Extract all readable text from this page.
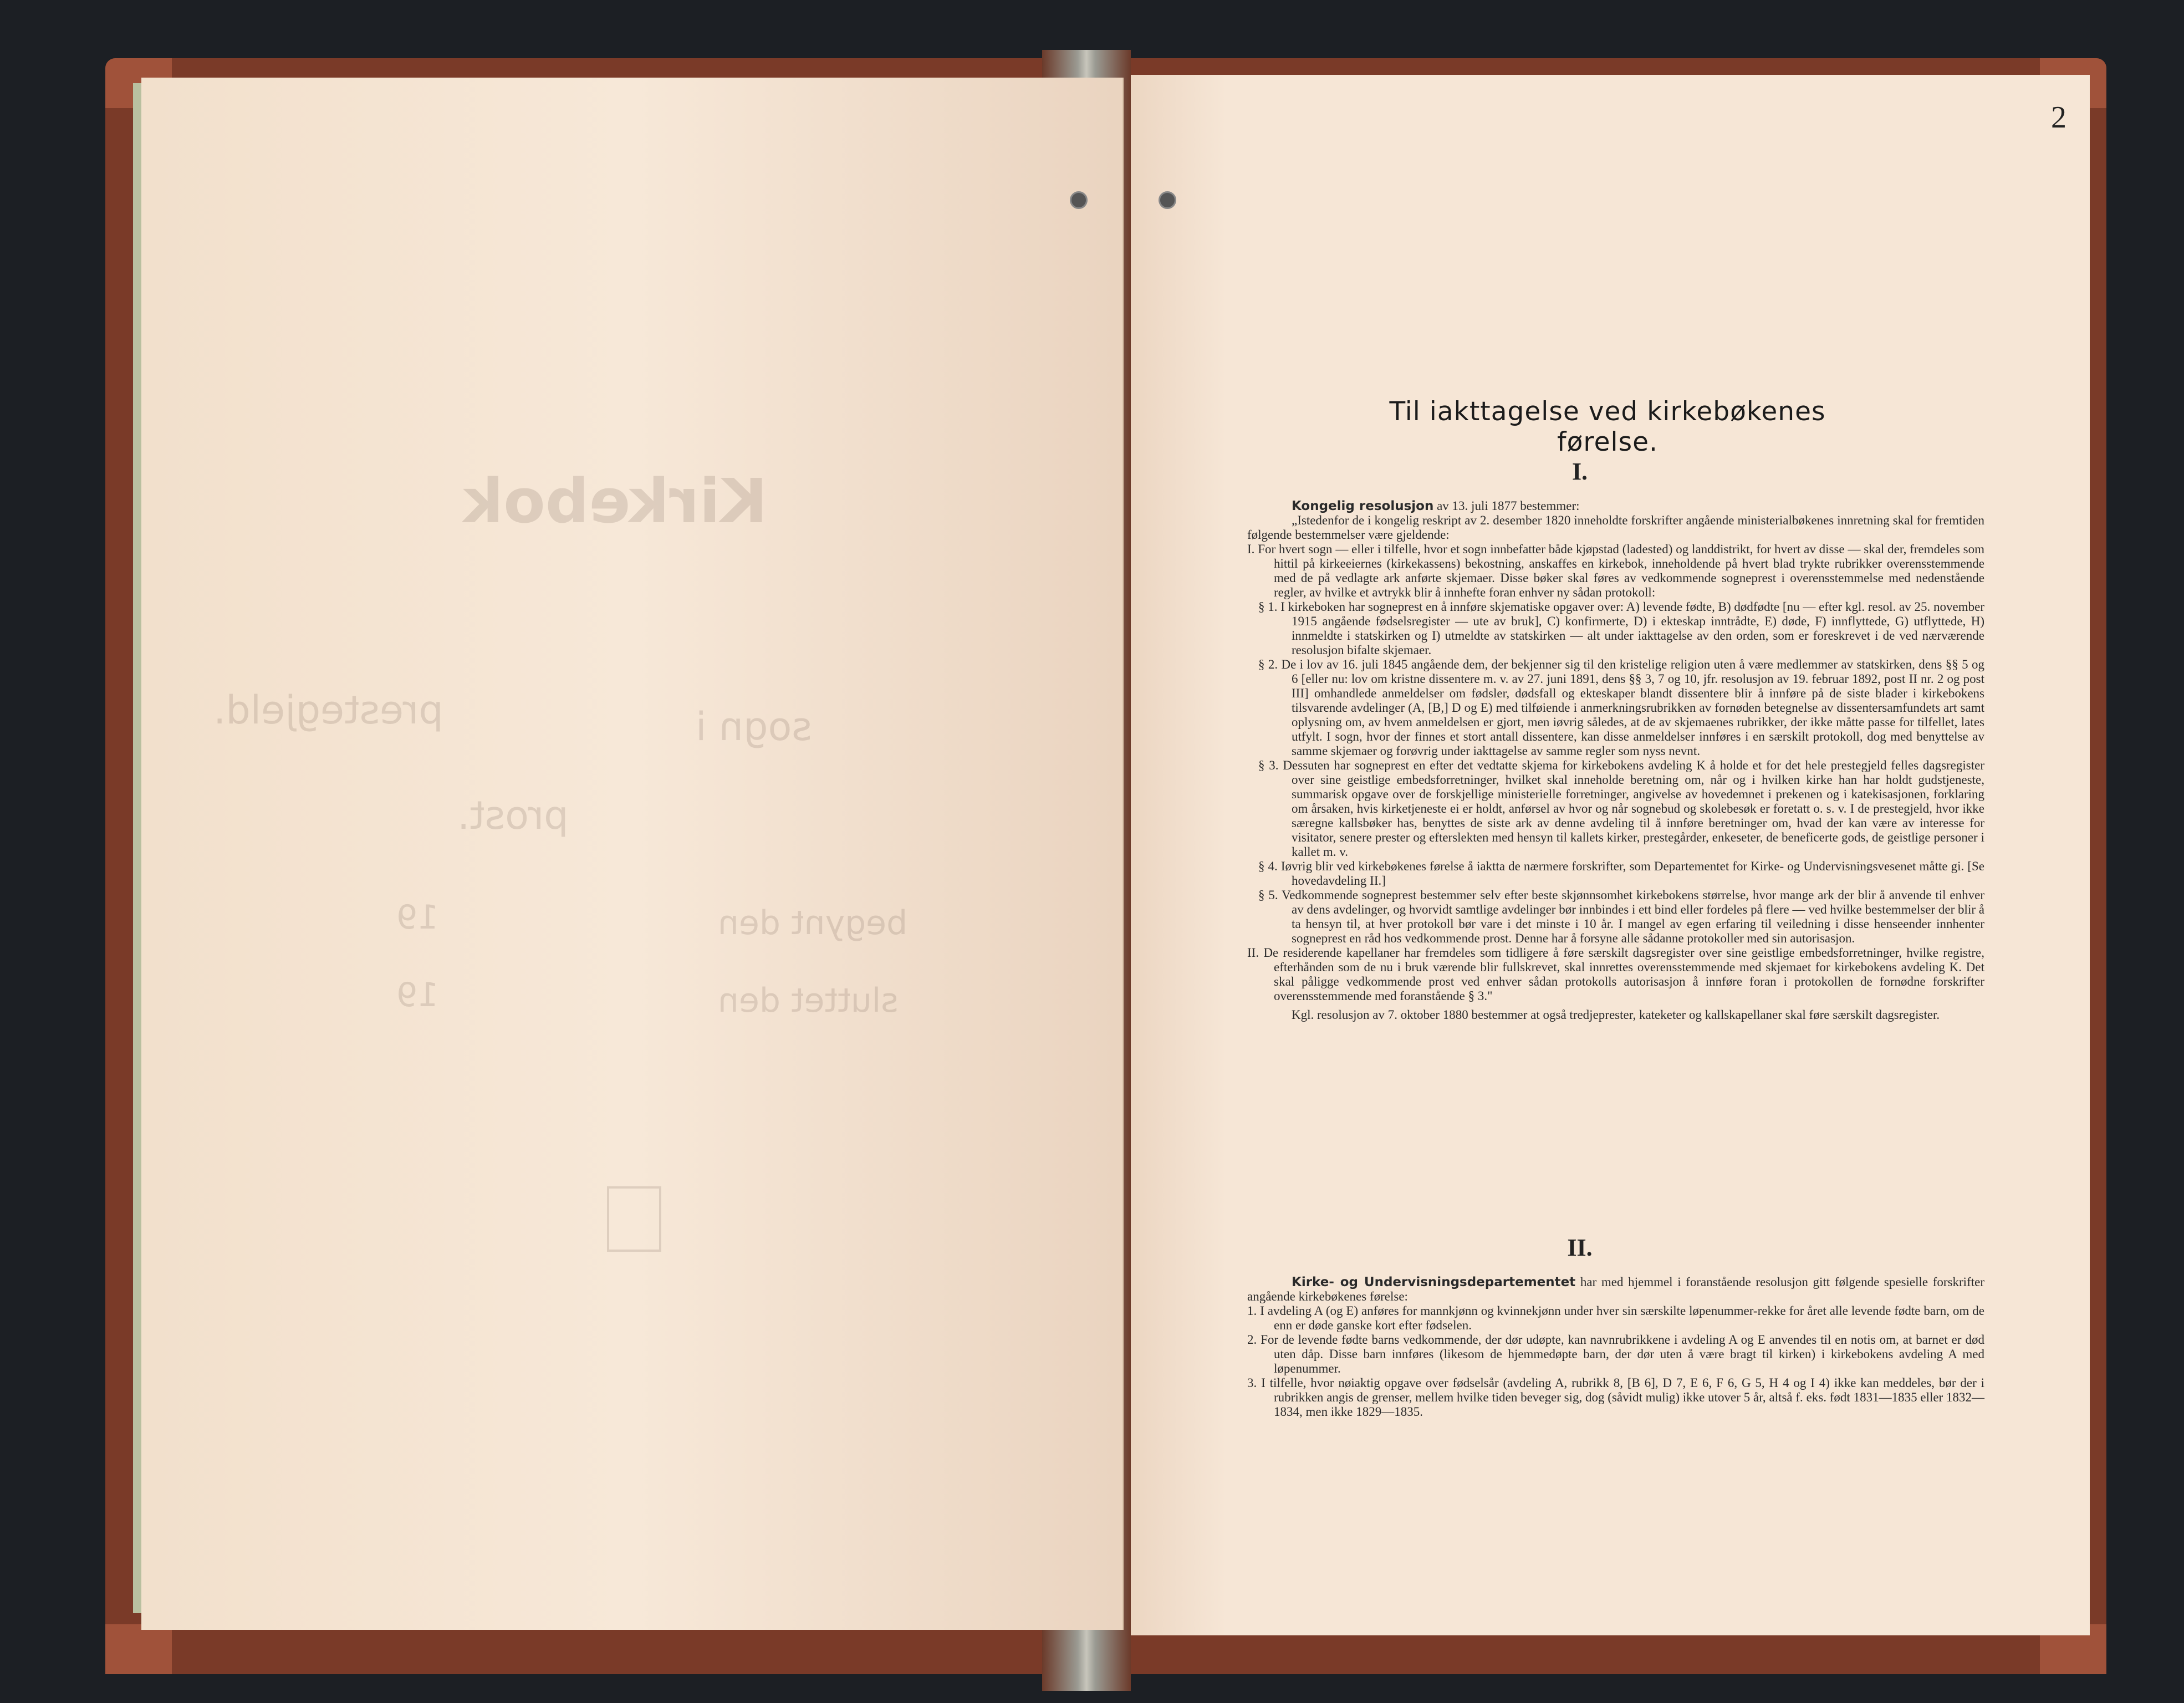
Kirkebok
prestegjeld.	sogn i
prost.
19	begynt den
19	sluttet den
2
Til iakttagelse ved kirkebøkenes førelse.
I.

Kongelig resolusjon av 13. juli 1877 bestemmer:

„Istedenfor de i kongelig reskript av 2. desember 1820 inneholdte forskrifter angående ministerialbøkenes innretning skal for fremtiden følgende bestemmelser være gjeldende:

I. For hvert sogn — eller i tilfelle, hvor et sogn innbefatter både kjøpstad (ladested) og landdistrikt, for hvert av disse — skal der, fremdeles som hittil på kirkeeiernes (kirkekassens) bekostning, anskaffes en kirkebok, inneholdende på hvert blad trykte rubrikker overensstemmende med de på vedlagte ark anførte skjemaer. Disse bøker skal føres av vedkommende sogneprest i overensstemmelse med nedenstående regler, av hvilke et avtrykk blir å innhefte foran enhver ny sådan protokoll:

§ 1. I kirkeboken har sogneprest en å innføre skjematiske opgaver over: A) levende fødte, B) dødfødte [nu — efter kgl. resol. av 25. november 1915 angående fødselsregister — ute av bruk], C) konfirmerte, D) i ekteskap inntrådte, E) døde, F) innflyttede, G) utflyttede, H) innmeldte i statskirken og I) utmeldte av statskirken — alt under iakttagelse av den orden, som er foreskrevet i de ved nærværende resolusjon bifalte skjemaer.

§ 2. De i lov av 16. juli 1845 angående dem, der bekjenner sig til den kristelige religion uten å være medlemmer av statskirken, dens §§ 5 og 6 [eller nu: lov om kristne dissentere m. v. av 27. juni 1891, dens §§ 3, 7 og 10, jfr. resolusjon av 19. februar 1892, post II nr. 2 og post III] omhandlede anmeldelser om fødsler, dødsfall og ekteskaper blandt dissentere blir å innføre på de siste blader i kirkebokens tilsvarende avdelinger (A, [B,] D og E) med tilføiende i anmerkningsrubrikken av fornøden betegnelse av dissentersamfundets art samt oplysning om, av hvem anmeldelsen er gjort, men iøvrig således, at de av skjemaenes rubrikker, der ikke måtte passe for tilfellet, lates utfylt. I sogn, hvor der finnes et stort antall dissentere, kan disse anmeldelser innføres i en særskilt protokoll, dog med benyttelse av samme skjemaer og forøvrig under iakttagelse av samme regler som nyss nevnt.

§ 3. Dessuten har sogneprest en efter det vedtatte skjema for kirkebokens avdeling K å holde et for det hele prestegjeld felles dagsregister over sine geistlige embedsforretninger, hvilket skal inneholde beretning om, når og i hvilken kirke han har holdt gudstjeneste, summarisk opgave over de forskjellige ministerielle forretninger, angivelse av hovedemnet i prekenen og i katekisasjonen, forklaring om årsaken, hvis kirketjeneste ei er holdt, anførsel av hvor og når sognebud og skolebesøk er foretatt o. s. v. I de prestegjeld, hvor ikke særegne kallsbøker has, benyttes de siste ark av denne avdeling til å innføre beretninger om, hvad der kan være av interesse for visitator, senere prester og efterslekten med hensyn til kallets kirker, prestegårder, enkeseter, de beneficerte gods, de geistlige personer i kallet m. v.

§ 4. Iøvrig blir ved kirkebøkenes førelse å iaktta de nærmere forskrifter, som Departementet for Kirke- og Undervisningsvesenet måtte gi. [Se hovedavdeling II.]

§ 5. Vedkommende sogneprest bestemmer selv efter beste skjønnsomhet kirkebokens størrelse, hvor mange ark der blir å anvende til enhver av dens avdelinger, og hvorvidt samtlige avdelinger bør innbindes i ett bind eller fordeles på flere — ved hvilke bestemmelser der blir å ta hensyn til, at hver protokoll bør vare i det minste i 10 år. I mangel av egen erfaring til veiledning i disse henseender innhenter sogneprest en råd hos vedkommende prost. Denne har å forsyne alle sådanne protokoller med sin autorisasjon.

II. De residerende kapellaner har fremdeles som tidligere å føre særskilt dagsregister over sine geistlige embedsforretninger, hvilke registre, efterhånden som de nu i bruk værende blir fullskrevet, skal innrettes overensstemmende med skjemaet for kirkebokens avdeling K. Det skal påligge vedkommende prost ved enhver sådan protokolls autorisasjon å innføre foran i protokollen de fornødne forskrifter overensstemmende med foranstående § 3."

Kgl. resolusjon av 7. oktober 1880 bestemmer at også tredjeprester, kateketer og kallskapellaner skal føre særskilt dagsregister.

II.

Kirke- og Undervisningsdepartementet har med hjemmel i foranstående resolusjon gitt følgende spesielle forskrifter angående kirkebøkenes førelse:

1. I avdeling A (og E) anføres for mannkjønn og kvinnekjønn under hver sin særskilte løpenummer-rekke for året alle levende fødte barn, om de enn er døde ganske kort efter fødselen.

2. For de levende fødte barns vedkommende, der dør udøpte, kan navnrubrikkene i avdeling A og E anvendes til en notis om, at barnet er død uten dåp. Disse barn innføres (likesom de hjemmedøpte barn, der dør uten å være bragt til kirken) i kirkebokens avdeling A med løpenummer.

3. I tilfelle, hvor nøiaktig opgave over fødselsår (avdeling A, rubrikk 8, [B 6], D 7, E 6, F 6, G 5, H 4 og I 4) ikke kan meddeles, bør der i rubrikken angis de grenser, mellem hvilke tiden beveger sig, dog (såvidt mulig) ikke utover 5 år, altså f. eks. født 1831—1835 eller 1832—1834, men ikke 1829—1835.
